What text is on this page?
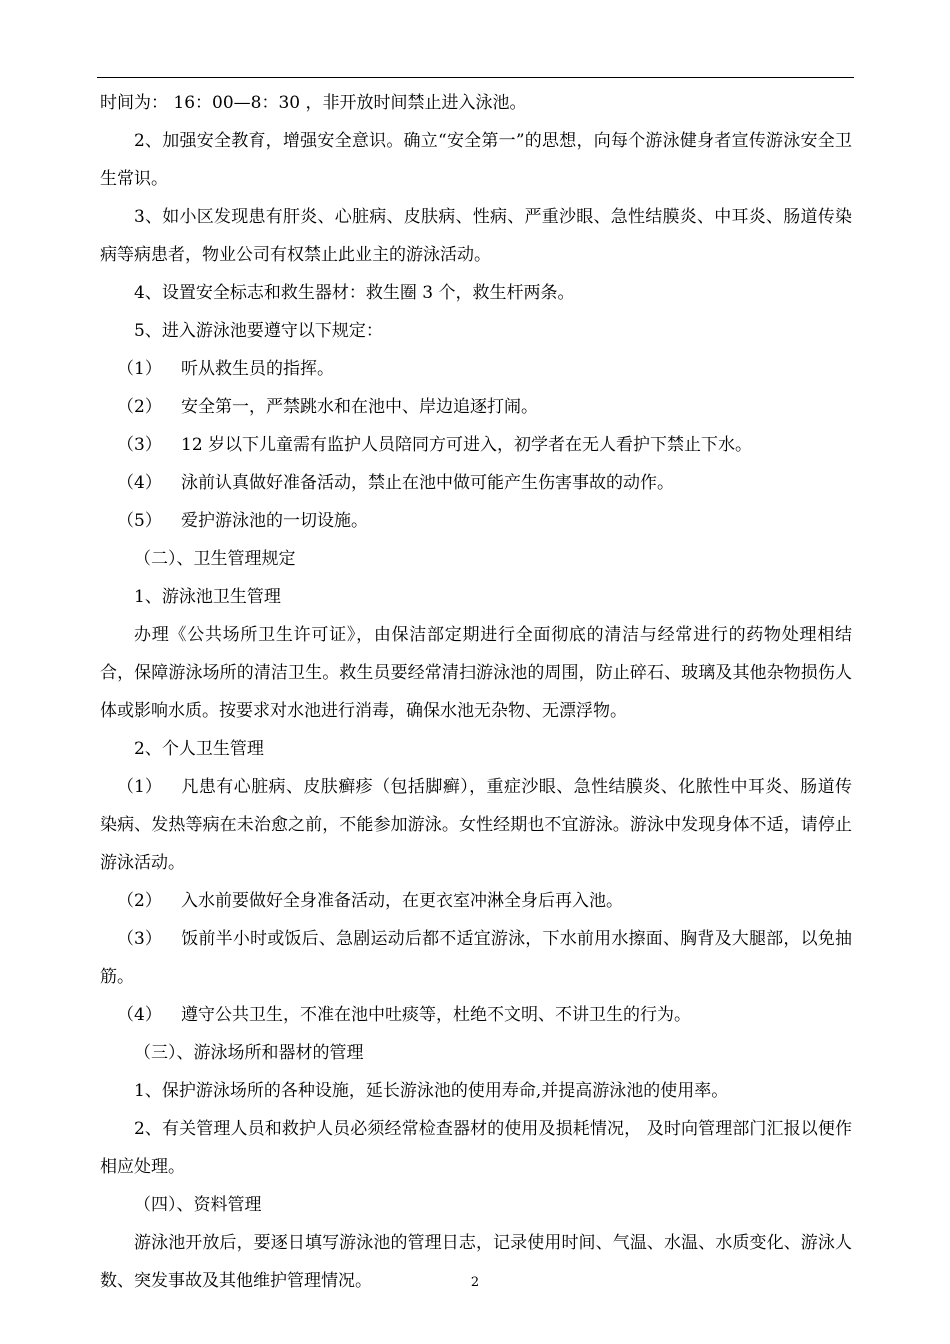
时间为： 16：00—8：30 ，非开放时间禁止进入泳池。

2、加强安全教育，增强安全意识。确立“安全第一”的思想，向每个游泳健身者宣传游泳安全卫生常识。

3、如小区发现患有肝炎、心脏病、皮肤病、性病、严重沙眼、急性结膜炎、中耳炎、肠道传染病等病患者，物业公司有权禁止此业主的游泳活动。

4、设置安全标志和救生器材：救生圈 3 个，救生杆两条。

5、进入游泳池要遵守以下规定：

（1） 听从救生员的指挥。

（2） 安全第一，严禁跳水和在池中、岸边追逐打闹。

（3） 12 岁以下儿童需有监护人员陪同方可进入，初学者在无人看护下禁止下水。

（4） 泳前认真做好准备活动，禁止在池中做可能产生伤害事故的动作。

（5） 爱护游泳池的一切设施。

（二）、卫生管理规定

1、游泳池卫生管理

办理《公共场所卫生许可证》，由保洁部定期进行全面彻底的清洁与经常进行的药物处理相结合，保障游泳场所的清洁卫生。救生员要经常清扫游泳池的周围，防止碎石、玻璃及其他杂物损伤人体或影响水质。按要求对水池进行消毒，确保水池无杂物、无漂浮物。

2、个人卫生管理

（1） 凡患有心脏病、皮肤癣疹（包括脚癣），重症沙眼、急性结膜炎、化脓性中耳炎、肠道传染病、发热等病在未治愈之前，不能参加游泳。女性经期也不宜游泳。游泳中发现身体不适，请停止游泳活动。

（2） 入水前要做好全身准备活动，在更衣室冲淋全身后再入池。

（3） 饭前半小时或饭后、急剧运动后都不适宜游泳，下水前用水擦面、胸背及大腿部，以免抽筋。

（4） 遵守公共卫生，不准在池中吐痰等，杜绝不文明、不讲卫生的行为。

（三）、游泳场所和器材的管理

1、保护游泳场所的各种设施，延长游泳池的使用寿命,并提高游泳池的使用率。

2、有关管理人员和救护人员必须经常检查器材的使用及损耗情况， 及时向管理部门汇报以便作相应处理。

（四）、资料管理

游泳池开放后，要逐日填写游泳池的管理日志，记录使用时间、气温、水温、水质变化、游泳人数、突发事故及其他维护管理情况。	2
